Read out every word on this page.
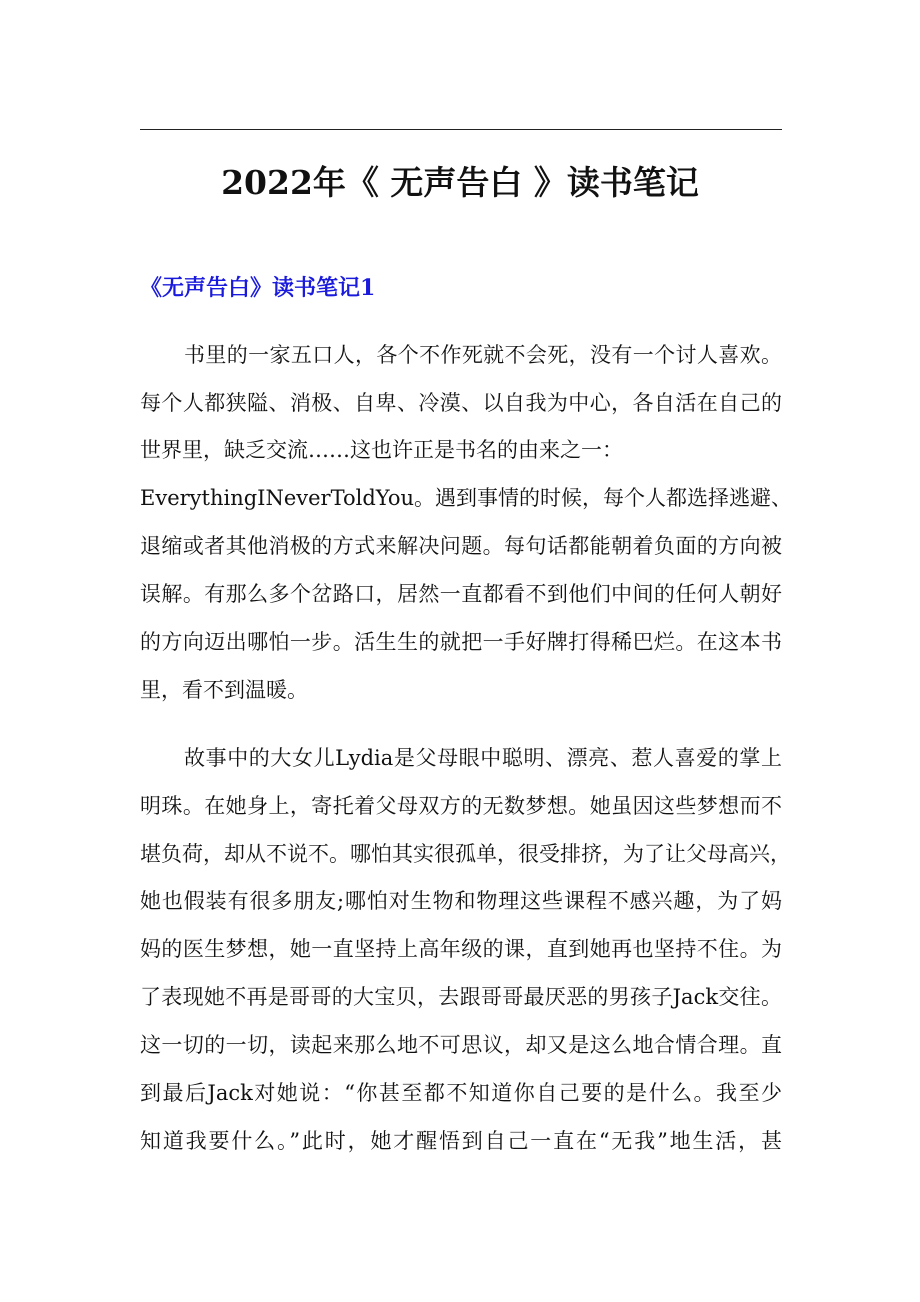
2022年《 无声告白 》读书笔记
《无声告白》读书笔记1
书里的一家五口人，各个不作死就不会死，没有一个讨人喜欢。
每个人都狭隘、消极、自卑、冷漠、以自我为中心，各自活在自己的
世界里，缺乏交流……这也许正是书名的由来之一：
EverythingINeverToldYou。遇到事情的时候，每个人都选择逃避、
退缩或者其他消极的方式来解决问题。每句话都能朝着负面的方向被
误解。有那么多个岔路口，居然一直都看不到他们中间的任何人朝好
的方向迈出哪怕一步。活生生的就把一手好牌打得稀巴烂。在这本书
里，看不到温暖。
故事中的大女儿Lydia是父母眼中聪明、漂亮、惹人喜爱的掌上
明珠。在她身上，寄托着父母双方的无数梦想。她虽因这些梦想而不
堪负荷，却从不说不。哪怕其实很孤单，很受排挤，为了让父母高兴，
她也假装有很多朋友;哪怕对生物和物理这些课程不感兴趣，为了妈
妈的医生梦想，她一直坚持上高年级的课，直到她再也坚持不住。为
了表现她不再是哥哥的大宝贝，去跟哥哥最厌恶的男孩子Jack交往。
这一切的一切，读起来那么地不可思议，却又是这么地合情合理。直
到最后Jack对她说：“你甚至都不知道你自己要的是什么。我至少
知道我要什么。”此时，她才醒悟到自己一直在“无我”地生活，甚
